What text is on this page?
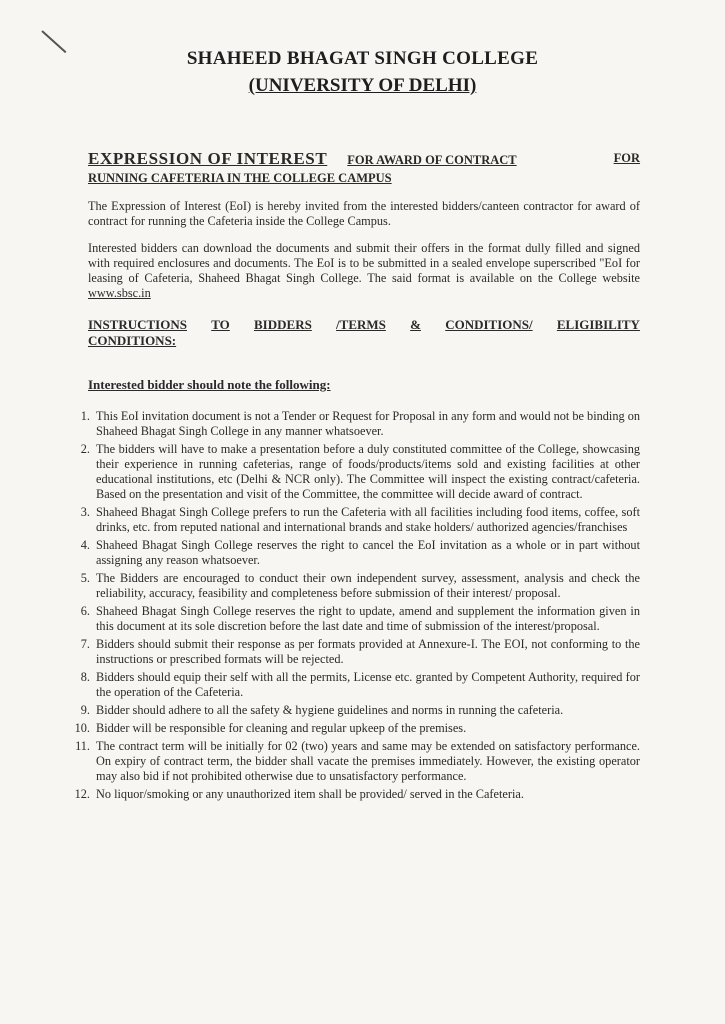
SHAHEED BHAGAT SINGH COLLEGE
(UNIVERSITY OF DELHI)
FOR
EXPRESSION OF INTEREST FOR AWARD OF CONTRACT
RUNNING CAFETERIA IN THE COLLEGE CAMPUS
The Expression of Interest (EoI) is hereby invited from the interested bidders/canteen contractor for award of contract for running the Cafeteria inside the College Campus.
Interested bidders can download the documents and submit their offers in the format dully filled and signed with required enclosures and documents. The EoI is to be submitted in a sealed envelope superscribed "EoI for leasing of Cafeteria, Shaheed Bhagat Singh College. The said format is available on the College website www.sbsc.in
INSTRUCTIONS TO BIDDERS /TERMS & CONDITIONS/ ELIGIBILITY
CONDITIONS:
Interested bidder should note the following:
1. This EoI invitation document is not a Tender or Request for Proposal in any form and would not be binding on Shaheed Bhagat Singh College in any manner whatsoever.
2. The bidders will have to make a presentation before a duly constituted committee of the College, showcasing their experience in running cafeterias, range of foods/products/items sold and existing facilities at other educational institutions, etc (Delhi & NCR only). The Committee will inspect the existing contract/cafeteria. Based on the presentation and visit of the Committee, the committee will decide award of contract.
3. Shaheed Bhagat Singh College prefers to run the Cafeteria with all facilities including food items, coffee, soft drinks, etc. from reputed national and international brands and stake holders/ authorized agencies/franchises
4. Shaheed Bhagat Singh College reserves the right to cancel the EoI invitation as a whole or in part without assigning any reason whatsoever.
5. The Bidders are encouraged to conduct their own independent survey, assessment, analysis and check the reliability, accuracy, feasibility and completeness before submission of their interest/ proposal.
6. Shaheed Bhagat Singh College reserves the right to update, amend and supplement the information given in this document at its sole discretion before the last date and time of submission of the interest/proposal.
7. Bidders should submit their response as per formats provided at Annexure-I. The EOI, not conforming to the instructions or prescribed formats will be rejected.
8. Bidders should equip their self with all the permits, License etc. granted by Competent Authority, required for the operation of the Cafeteria.
9. Bidder should adhere to all the safety & hygiene guidelines and norms in running the cafeteria.
10. Bidder will be responsible for cleaning and regular upkeep of the premises.
11. The contract term will be initially for 02 (two) years and same may be extended on satisfactory performance. On expiry of contract term, the bidder shall vacate the premises immediately. However, the existing operator may also bid if not prohibited otherwise due to unsatisfactory performance.
12. No liquor/smoking or any unauthorized item shall be provided/ served in the Cafeteria.
